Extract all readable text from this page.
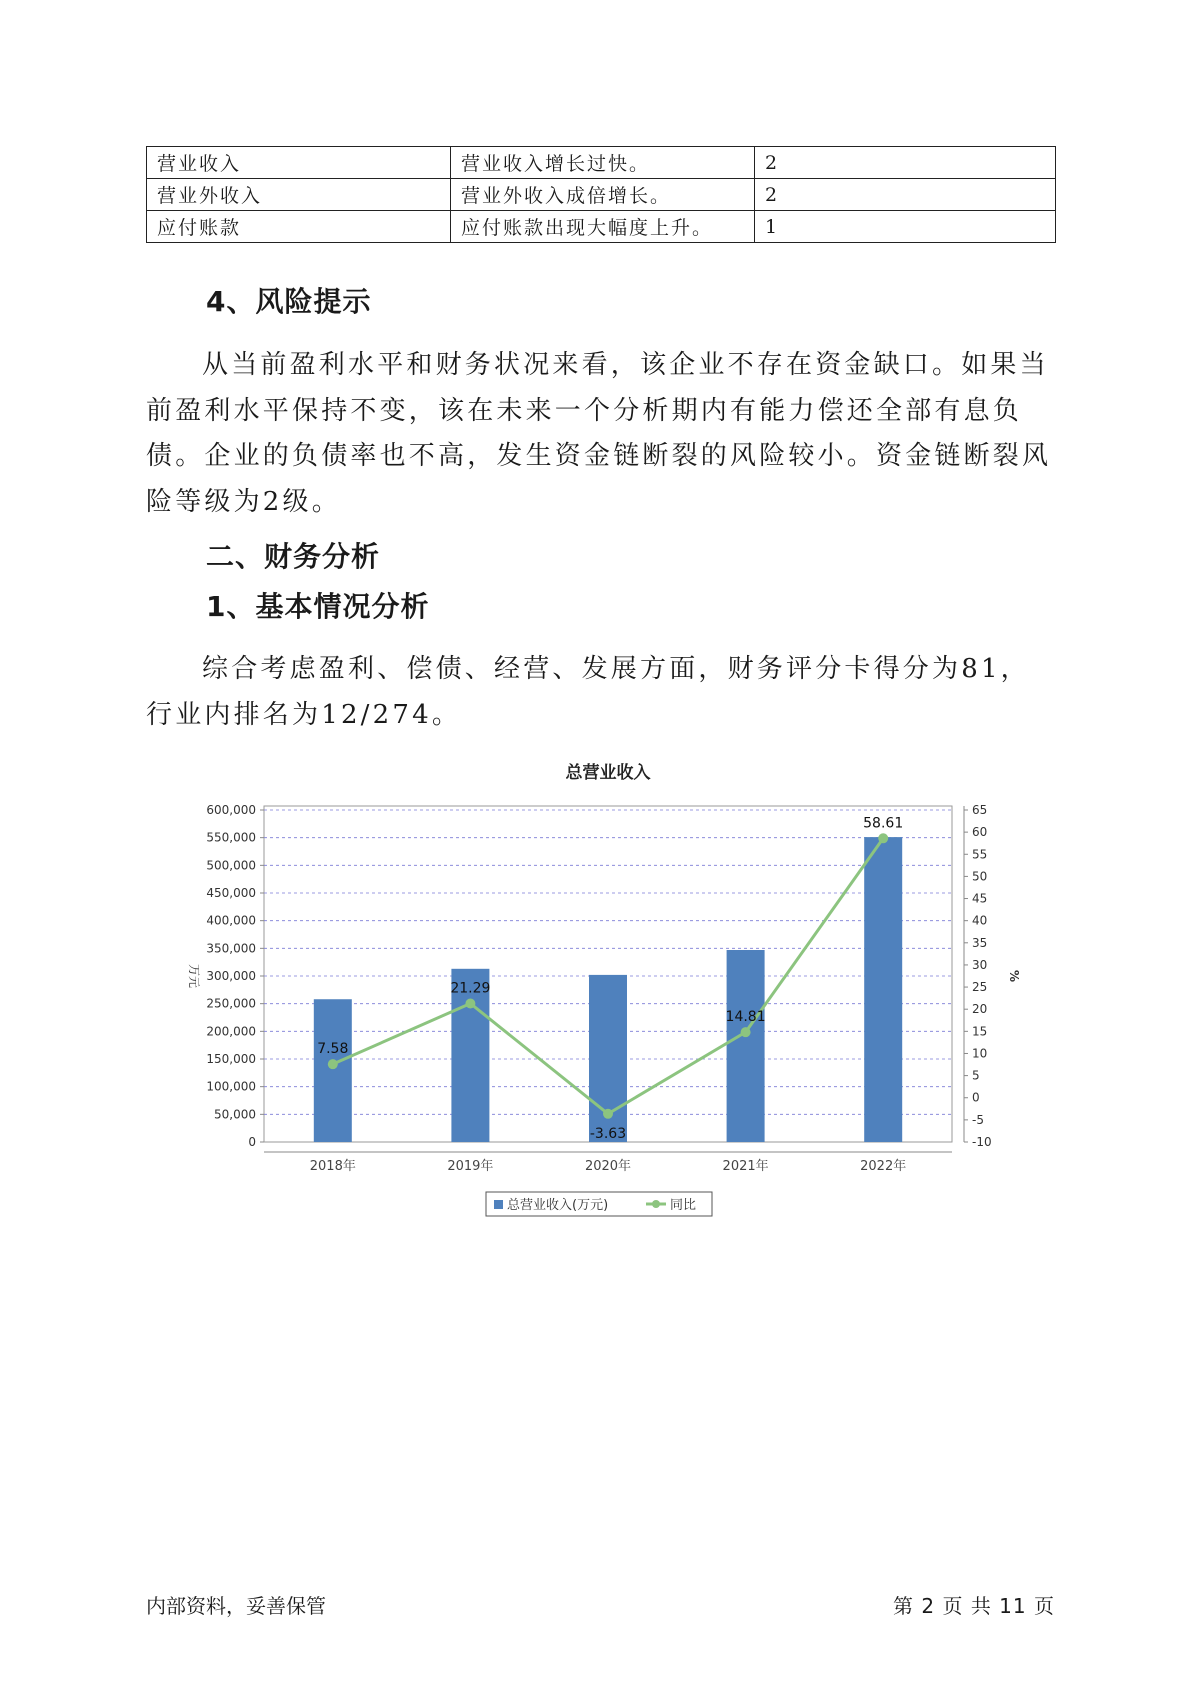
营业收入	营业收入增长过快。	2
营业外收入	营业外收入成倍增长。	2
应付账款	应付账款出现大幅度上升。	1
4、风险提示

从当前盈利水平和财务状况来看，该企业不存在资金缺口。如果当前盈利水平保持不变，该在未来一个分析期内有能力偿还全部有息负债。企业的负债率也不高，发生资金链断裂的风险较小。资金链断裂风险等级为2级。

二、财务分析
1、基本情况分析

综合考虑盈利、偿债、经营、发展方面，财务评分卡得分为81，行业内排名为12/274。

总营业收入
0
50,000
100,000
150,000
200,000
250,000
300,000
350,000
400,000
450,000
500,000
550,000
600,000
-10
-5
0
5
10
15
20
25
30
35
40
45
50
55
60
65
万元	%
2018年	2019年	2020年	2021年	2022年
7.58
21.29
-3.63
14.81
58.61
总营业收入(万元)	同比
内部资料，妥善保管	第 2 页 共 11 页
